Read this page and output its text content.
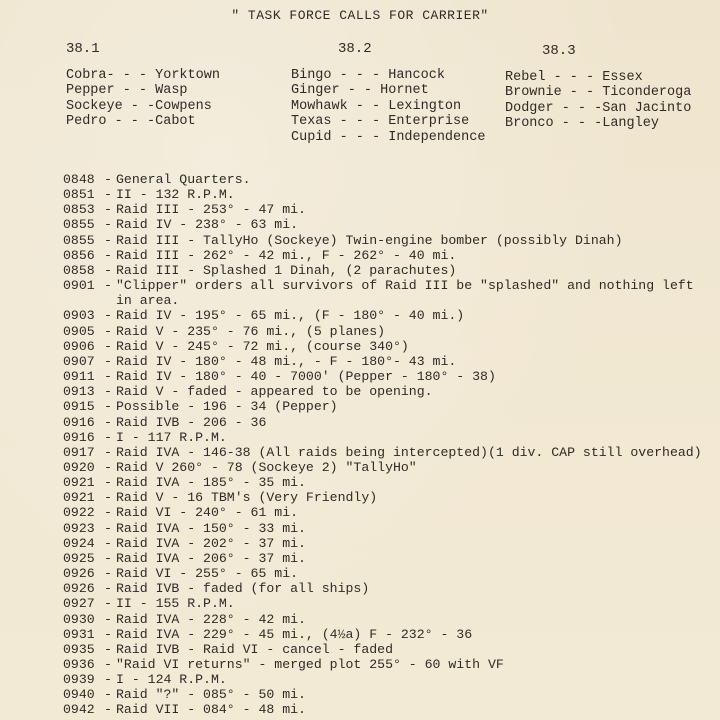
" TASK FORCE CALLS FOR CARRIER"
38.1
Cobra- - - Yorktown
Pepper - - Wasp
Sockeye - -Cowpens
Pedro - - -Cabot
38.2
Bingo - - - Hancock
Ginger - - Hornet
Mowhawk - - Lexington
Texas - - - Enterprise
Cupid - - - Independence
38.3
Rebel - - - Essex
Brownie - - Ticonderoga
Dodger - - -San Jacinto
Bronco - - -Langley
0848 - General Quarters.
0851 - II - 132 R.P.M.
0853 - Raid III - 253° - 47 mi.
0855 - Raid IV - 238° - 63 mi.
0855 - Raid III - TallyHo (Sockeye) Twin-engine bomber (possibly Dinah)
0856 - Raid III - 262° - 42 mi., F - 262° - 40 mi.
0858 - Raid III - Splashed 1 Dinah, (2 parachutes)
0901 - "Clipper" orders all survivors of Raid III be "splashed" and nothing left in area.
0903 - Raid IV - 195° - 65 mi., (F - 180° - 40 mi.)
0905 - Raid V - 235° - 76 mi., (5 planes)
0906 - Raid V - 245° - 72 mi., (course 340°)
0907 - Raid IV - 180° - 48 mi., - F - 180°- 43 mi.
0911 - Raid IV - 180° - 40 - 7000' (Pepper - 180° - 38)
0913 - Raid V - faded - appeared to be opening.
0915 - Possible - 196 - 34 (Pepper)
0916 - Raid IVB - 206 - 36
0916 - I - 117 R.P.M.
0917 - Raid IVA - 146-38 (All raids being intercepted)(1 div. CAP still overhead)
0920 - Raid V 260° - 78 (Sockeye 2) "TallyHo"
0921 - Raid IVA - 185° - 35 mi.
0921 - Raid V - 16 TBM's (Very Friendly)
0922 - Raid VI - 240° - 61 mi.
0923 - Raid IVA - 150° - 33 mi.
0924 - Raid IVA - 202° - 37 mi.
0925 - Raid IVA - 206° - 37 mi.
0926 - Raid VI - 255° - 65 mi.
0926 - Raid IVB - faded (for all ships)
0927 - II - 155 R.P.M.
0930 - Raid IVA - 228° - 42 mi.
0931 - Raid IVA - 229° - 45 mi., (4½a) F - 232° - 36
0935 - Raid IVB - Raid VI - cancel - faded
0936 - "Raid VI returns" - merged plot 255° - 60 with VF
0939 - I - 124 R.P.M.
0940 - Raid "?" - 085° - 50 mi.
0942 - Raid VII - 084° - 48 mi.
